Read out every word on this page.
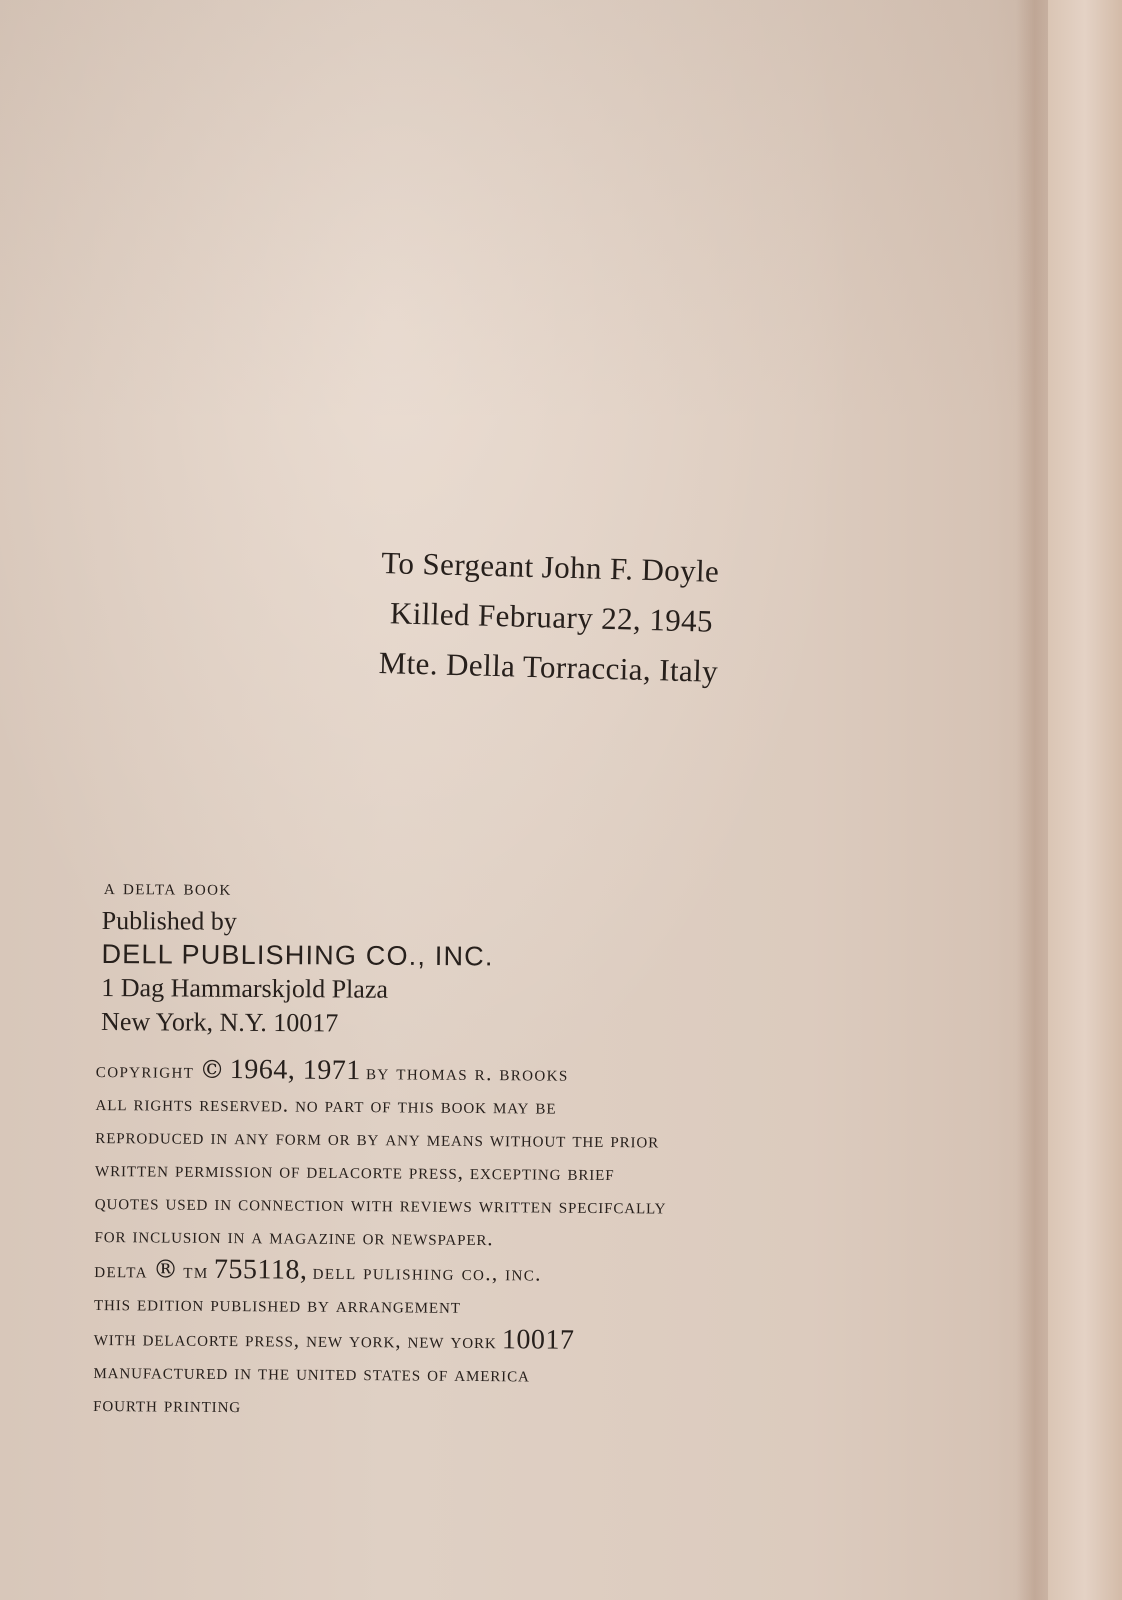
To Sergeant John F. Doyle
Killed February 22, 1945
Mte. Della Torraccia, Italy
a delta book
Published by
DELL PUBLISHING CO., INC.
1 Dag Hammarskjold Plaza
New York, N.Y. 10017
copyright © 1964, 1971 by thomas r. brooks
all rights reserved. no part of this book may be
reproduced in any form or by any means without the prior
written permission of delacorte press, excepting brief
quotes used in connection with reviews written specifcally
for inclusion in a magazine or newspaper.
delta ® tm 755118, dell pulishing co., inc.
this edition published by arrangement
with delacorte press, new york, new york 10017
manufactured in the united states of america
fourth printing
